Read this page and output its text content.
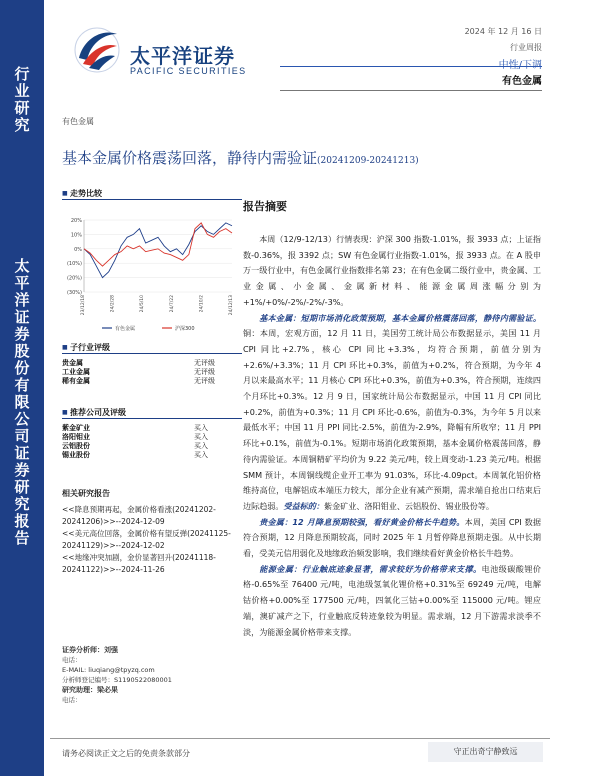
行
业
研
究
太
平
洋
证
券
股
份
有
限
公
司
证
券
研
究
报
告
太平洋证券
PACIFIC SECURITIES
2024 年 12 月 16 日
行业周报
有色金属
有色金属
基本金属价格震荡回落，静待内需验证(20241209-20241213)
■ 走势比较
20%
10%
0%
(10%)
(20%)
(30%)
23/12/18	24/2/28	24/5/10	24/7/22	24/10/2	24/12/13
有色金属	沪深300
■ 子行业评级
贵金属	无评级
工业金属	无评级
稀有金属	无评级
■ 推荐公司及评级
紫金矿业	买入
洛阳钼业	买入
云铝股份	买入
锡业股份	买入
相关研究报告

<<降息预期再起，金属价格看涨(20241202-20241206)>>--2024-12-09

<<美元高位回落，金属价格有望反弹(20241125-20241129)>>--2024-12-02

<<地缘冲突加剧，金价显著回升(20241118-20241122)>>--2024-11-26

证券分析师：刘强
电话：
E-MAIL: liuqiang@tpyzq.com
分析师登记编号：S1190522080001
研究助理：梁必果
电话：
报告摘要

本周（12/9-12/13）行情表现：沪深 300 指数-1.01%，报 3933 点；上证指数-0.36%，报 3392 点；SW 有色金属行业指数-1.01%，报 3933 点。在 A 股申万一级行业中，有色金属行业指数排名第 23；在有色金属二级行业中，贵金属、工业金属、小金属、金属新材料、能源金属周涨幅分别为+1%/+0%/-2%/-2%/-3%。

基本金属：短期市场消化政策预期，基本金属价格震荡回落，静待内需验证。铜：本周，宏观方面，12 月 11 日，美国劳工统计局公布数据显示，美国 11 月 CPI 同比+2.7%，核心 CPI 同比+3.3%，均符合预期，前值分别为+2.6%/+3.3%；11 月 CPI 环比+0.3%，前值为+0.2%，符合预期，为今年 4 月以来最高水平；11 月核心 CPI 环比+0.3%，前值为+0.3%，符合预期，连续四个月环比+0.3%。12 月 9 日，国家统计局公布数据显示，中国 11 月 CPI 同比+0.2%，前值为+0.3%；11 月 CPI 环比-0.6%，前值为-0.3%，为今年 5 月以来最低水平；中国 11 月 PPI 同比-2.5%，前值为-2.9%，降幅有所收窄；11 月 PPI 环比+0.1%，前值为-0.1%。短期市场消化政策预期，基本金属价格震荡回落，静待内需验证。本周铜精矿平均价为 9.22 美元/吨，较上周变动-1.23 美元/吨。根据 SMM 预计，本周铜线缆企业开工率为 91.03%，环比-4.09pct。本周氧化铝价格维持高位，电解铝成本端压力较大，部分企业有减产预期，需求端自抢出口结束后边际趋弱。受益标的：紫金矿业、洛阳钼业、云铝股份、锡业股份等。

贵金属：12 月降息预期较强，看好黄金价格长牛趋势。本周，美国 CPI 数据符合预期，12 月降息预期较高，同时 2025 年 1 月暂停降息预期走强。从中长期看，受美元信用弱化及地缘政治频发影响，我们继续看好黄金价格长牛趋势。

能源金属：行业触底迹象显著，需求较好为价格带来支撑。电池级碳酸锂价格-0.65%至 76400 元/吨，电池级氢氧化锂价格+0.31%至 69249 元/吨，电解钴价格+0.00%至 177500 元/吨，四氧化三钴+0.00%至 115000 元/吨。锂应端，澳矿减产之下，行业触底反转迹象较为明显。需求端，12 月下游需求淡季不淡，为能源金属价格带来支撑。

请务必阅读正文之后的免责条款部分	守正出奇宁静致远
